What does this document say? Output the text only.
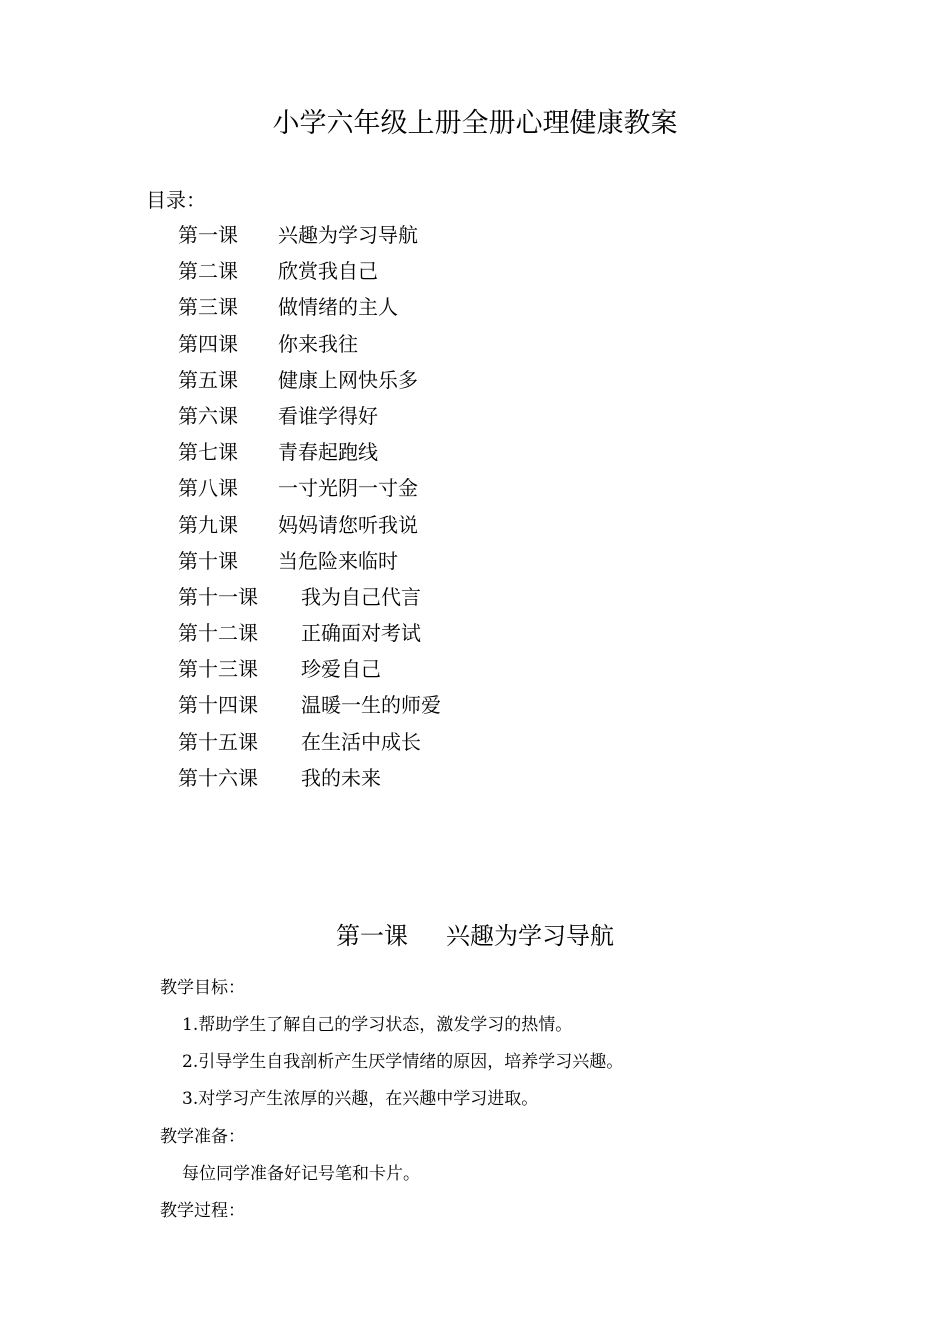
小学六年级上册全册心理健康教案
目录：
第一课 兴趣为学习导航
第二课 欣赏我自己
第三课 做情绪的主人
第四课 你来我往
第五课 健康上网快乐多
第六课 看谁学得好
第七课 青春起跑线
第八课 一寸光阴一寸金
第九课 妈妈请您听我说
第十课 当危险来临时
第十一课 我为自己代言
第十二课 正确面对考试
第十三课 珍爱自己
第十四课 温暖一生的师爱
第十五课 在生活中成长
第十六课 我的未来
第一课 兴趣为学习导航
教学目标：
1.帮助学生了解自己的学习状态，激发学习的热情。
2.引导学生自我剖析产生厌学情绪的原因，培养学习兴趣。
3.对学习产生浓厚的兴趣，在兴趣中学习进取。
教学准备：
每位同学准备好记号笔和卡片。
教学过程：
